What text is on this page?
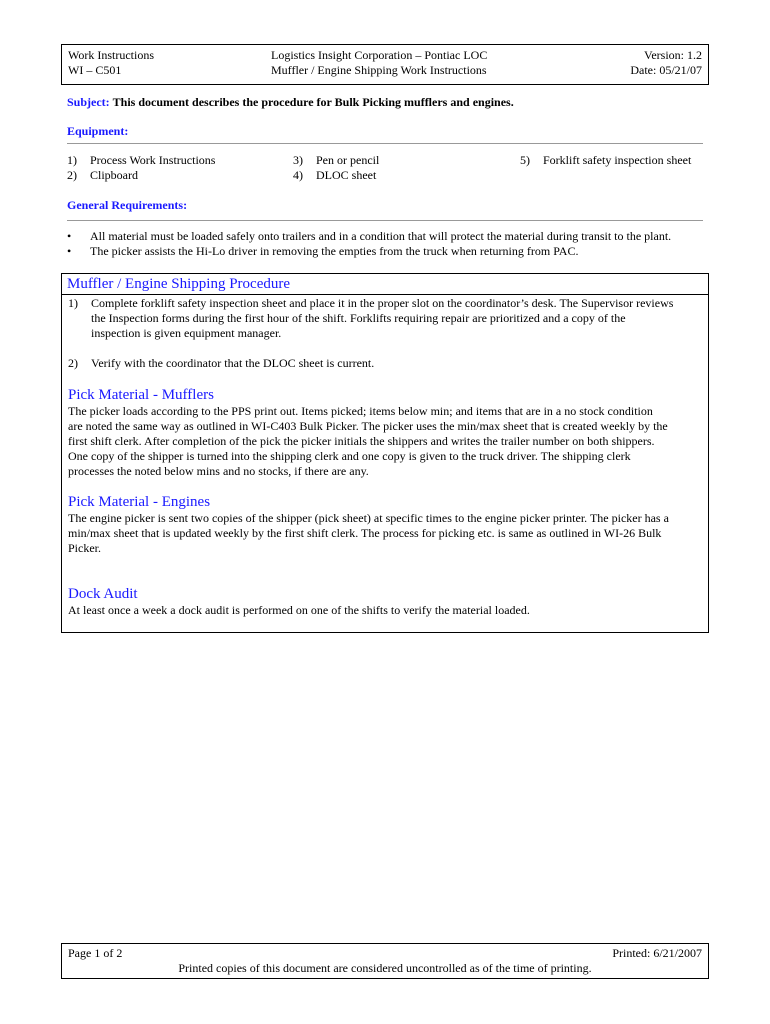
Work Instructions
WI – C501
Logistics Insight Corporation – Pontiac LOC
Muffler / Engine Shipping Work Instructions
Version: 1.2
Date: 05/21/07
Subject: This document describes the procedure for Bulk Picking mufflers and engines.
Equipment:
1) Process Work Instructions
2) Clipboard
3) Pen or pencil
4) DLOC sheet
5) Forklift safety inspection sheet
General Requirements:
• All material must be loaded safely onto trailers and in a condition that will protect the material during transit to the plant.
• The picker assists the Hi-Lo driver in removing the empties from the truck when returning from PAC.
Muffler / Engine Shipping Procedure
1) Complete forklift safety inspection sheet and place it in the proper slot on the coordinator’s desk. The Supervisor reviews
the Inspection forms during the first hour of the shift. Forklifts requiring repair are prioritized and a copy of the
inspection is given equipment manager.
2) Verify with the coordinator that the DLOC sheet is current.
Pick Material - Mufflers
The picker loads according to the PPS print out. Items picked; items below min; and items that are in a no stock condition
are noted the same way as outlined in WI-C403 Bulk Picker. The picker uses the min/max sheet that is created weekly by the
first shift clerk. After completion of the pick the picker initials the shippers and writes the trailer number on both shippers.
One copy of the shipper is turned into the shipping clerk and one copy is given to the truck driver. The shipping clerk
processes the noted below mins and no stocks, if there are any.
Pick Material - Engines
The engine picker is sent two copies of the shipper (pick sheet) at specific times to the engine picker printer. The picker has a
min/max sheet that is updated weekly by the first shift clerk. The process for picking etc. is same as outlined in WI-26 Bulk
Picker.
Dock Audit
At least once a week a dock audit is performed on one of the shifts to verify the material loaded.
Page 1 of 2	Printed: 6/21/2007
Printed copies of this document are considered uncontrolled as of the time of printing.
